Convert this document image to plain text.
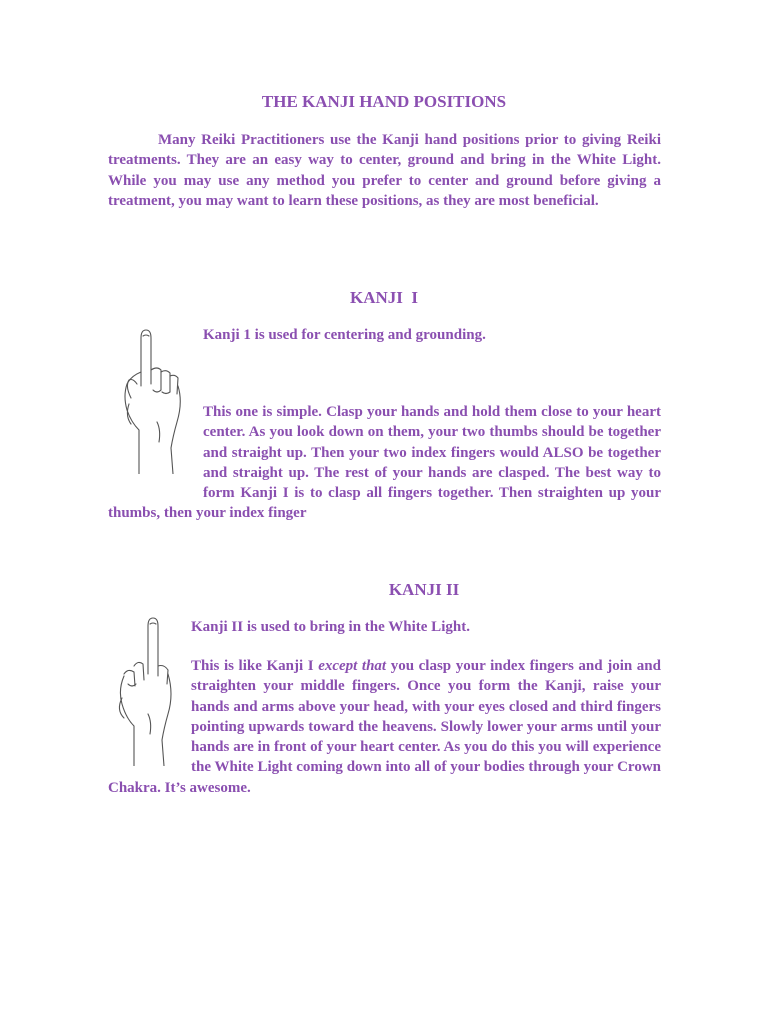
THE KANJI HAND POSITIONS

Many Reiki Practitioners use the Kanji hand positions prior to giving Reiki treatments. They are an easy way to center, ground and bring in the White Light. While you may use any method you prefer to center and ground before giving a treatment, you may want to learn these positions, as they are most beneficial.

KANJI  I
Kanji 1 is used for centering and grounding.

This one is simple. Clasp your hands and hold them close to your heart center. As you look down on them, your two thumbs should be together and straight up. Then your two index fingers would ALSO be together and straight up. The rest of your hands are clasped. The best way to form Kanji I is to clasp all fingers together. Then straighten up your thumbs, then your index finger

KANJI II
Kanji II is used to bring in the White Light.

This is like Kanji I except that you clasp your index fingers and join and straighten your middle fingers. Once you form the Kanji, raise your hands and arms above your head, with your eyes closed and third fingers pointing upwards toward the heavens. Slowly lower your arms until your hands are in front of your heart center. As you do this you will experience the White Light coming down into all of your bodies through your Crown Chakra. It’s awesome.
